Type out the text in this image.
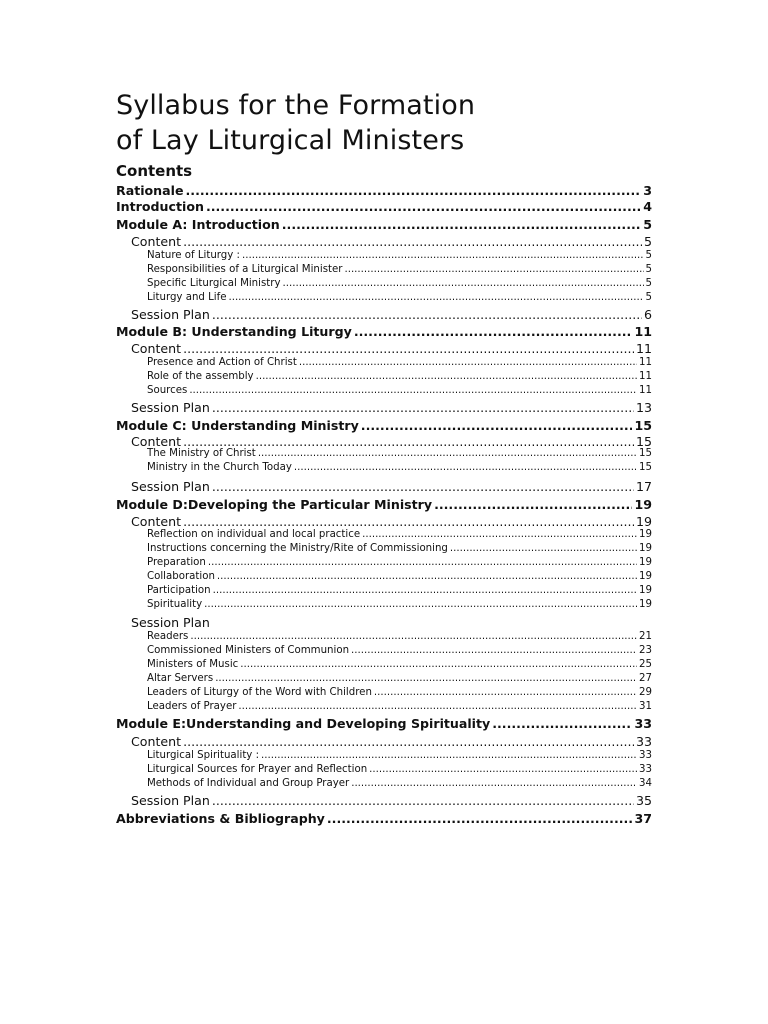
Syllabus for the Formation
of Lay Liturgical Ministers
Contents
Rationale .....	3
Introduction .....	4
Module A: Introduction .....	5
Content .....	5
Nature of Liturgy : .....	5
Responsibilities of a Liturgical Minister .....	5
Specific Liturgical Ministry .....	5
Liturgy and Life .....	5
Session Plan .....	6
Module B: Understanding Liturgy .....	11
Content .....	11
Presence and Action of Christ .....	11
Role of the assembly .....	11
Sources .....	11
Session Plan .....	13
Module C: Understanding Ministry .....	15
Content .....	15
The Ministry of Christ .....	15
Ministry in the Church Today .....	15
Session Plan .....	17
Module D:Developing the Particular Ministry .....	19
Content .....	19
Reflection on individual and local practice .....	19
Instructions concerning the Ministry/Rite of Commissioning .....	19
Preparation .....	19
Collaboration .....	19
Participation .....	19
Spirituality .....	19
Session Plan
Readers .....	21
Commissioned Ministers of Communion .....	23
Ministers of Music .....	25
Altar Servers .....	27
Leaders of Liturgy of the Word with Children .....	29
Leaders of Prayer .....	31
Module E:Understanding and Developing Spirituality .....	33
Content .....	33
Liturgical Spirituality : .....	33
Liturgical Sources for Prayer and Reflection .....	33
Methods of Individual and Group Prayer .....	34
Session Plan .....	35
Abbreviations & Bibliography .....	37
